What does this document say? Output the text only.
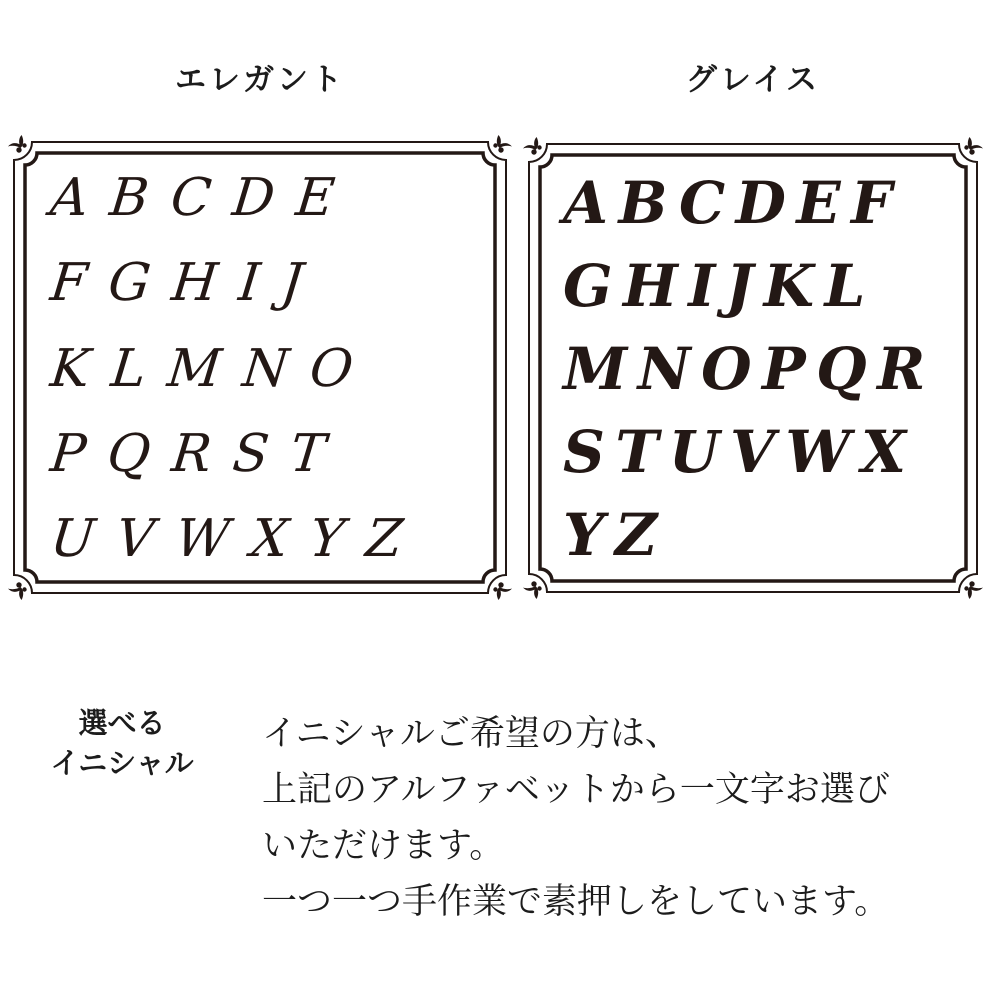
エレガント	グレイス
ABCDE
FGHIJ
KLMNO
PQRST
UVWXYZ
ABCDEF
GHIJKL
MNOPQR
STUVWX
YZ
選べる
イニシャル
イニシャルご希望の方は、
上記のアルファベットから一文字お選び
いただけます。
一つ一つ手作業で素押しをしています。
